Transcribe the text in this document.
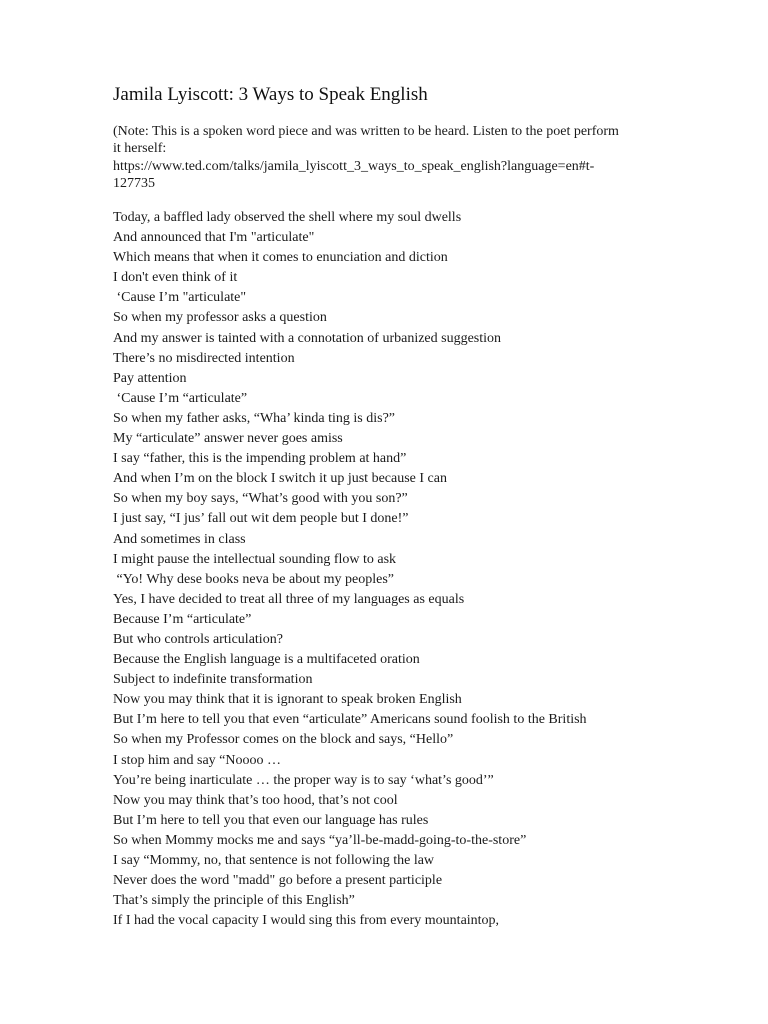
Jamila Lyiscott: 3 Ways to Speak English
(Note: This is a spoken word piece and was written to be heard. Listen to the poet perform
it herself:
https://www.ted.com/talks/jamila_lyiscott_3_ways_to_speak_english?language=en#t-
127735
Today, a baffled lady observed the shell where my soul dwells
And announced that I'm "articulate"
Which means that when it comes to enunciation and diction
I don't even think of it
‘Cause I’m "articulate"
So when my professor asks a question
And my answer is tainted with a connotation of urbanized suggestion
There’s no misdirected intention
Pay attention
‘Cause I’m “articulate”
So when my father asks, “Wha’ kinda ting is dis?”
My “articulate” answer never goes amiss
I say “father, this is the impending problem at hand”
And when I’m on the block I switch it up just because I can
So when my boy says, “What’s good with you son?”
I just say, “I jus’ fall out wit dem people but I done!”
And sometimes in class
I might pause the intellectual sounding flow to ask
“Yo! Why dese books neva be about my peoples”
Yes, I have decided to treat all three of my languages as equals
Because I’m “articulate”
But who controls articulation?
Because the English language is a multifaceted oration
Subject to indefinite transformation
Now you may think that it is ignorant to speak broken English
But I’m here to tell you that even “articulate” Americans sound foolish to the British
So when my Professor comes on the block and says, “Hello”
I stop him and say “Noooo …
You’re being inarticulate … the proper way is to say ‘what’s good’”
Now you may think that’s too hood, that’s not cool
But I’m here to tell you that even our language has rules
So when Mommy mocks me and says “ya’ll-be-madd-going-to-the-store”
I say “Mommy, no, that sentence is not following the law
Never does the word "madd" go before a present participle
That’s simply the principle of this English”
If I had the vocal capacity I would sing this from every mountaintop,
